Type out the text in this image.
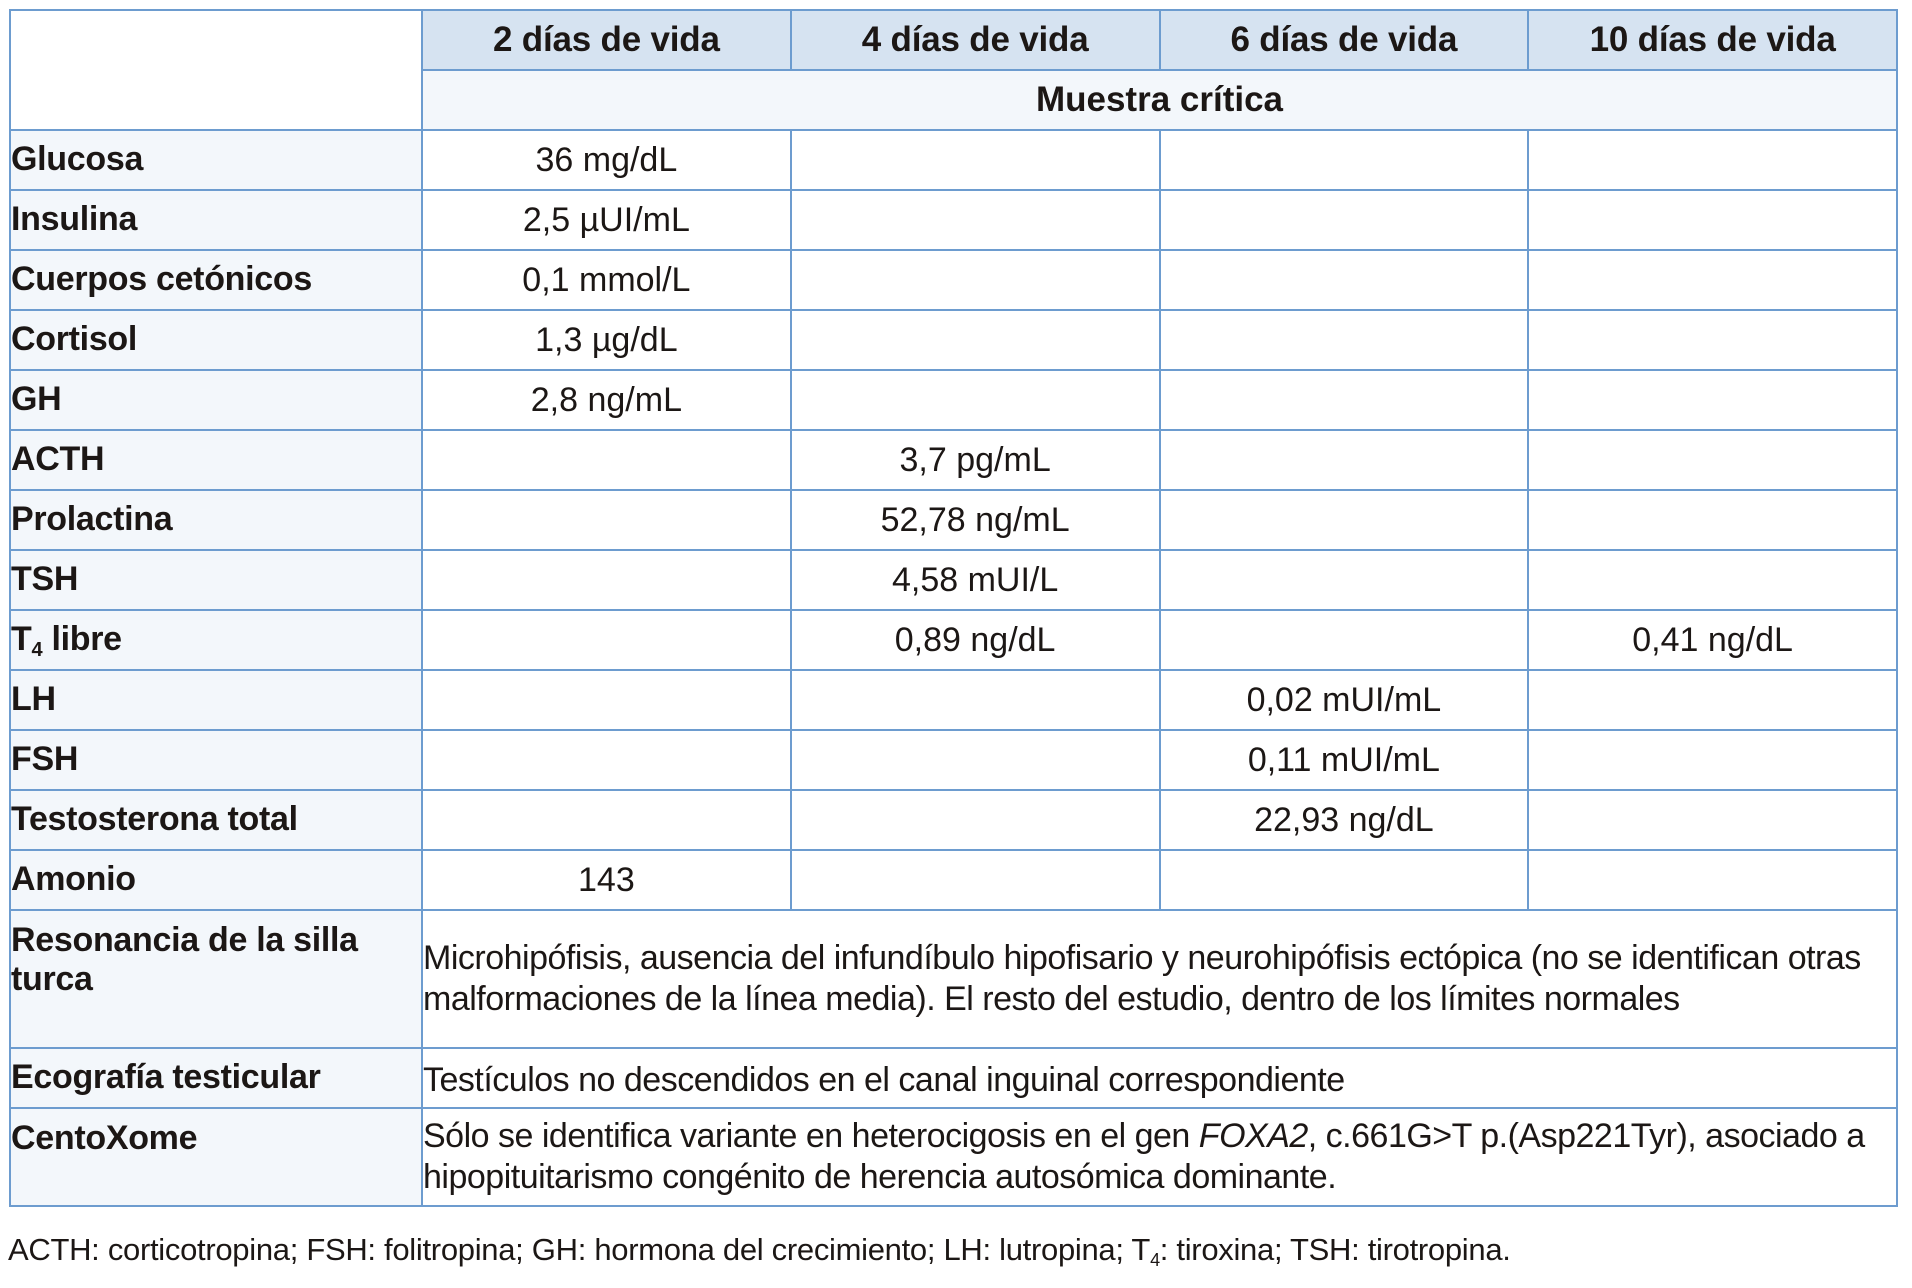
	2 días de vida	4 días de vida	6 días de vida	10 días de vida
	Muestra crítica			
Glucosa	36 mg/dL			
Insulina	2,5 µUI/mL			
Cuerpos cetónicos	0,1 mmol/L			
Cortisol	1,3 µg/dL			
GH	2,8 ng/mL			
ACTH		3,7 pg/mL		
Prolactina		52,78 ng/mL		
TSH		4,58 mUI/L		
$T_4$ libre		0,89 ng/dL		0,41 ng/dL
LH			0,02 mUI/mL	
FSH			0,11 mUI/mL	
Testosterona total			22,93 ng/dL	
Amonio	143			
Resonancia de la silla turca	Microhipófisis, ausencia del infundíbulo hipofisario y neurohipófisis ectópica (no se identifican otras malformaciones de la línea media). El resto del estudio, dentro de los límites normales			
Ecografía testicular	Testículos no descendidos en el canal inguinal correspondiente			
CentoXome	Sólo se identifica variante en heterocigosis en el gen FOXA2, c.661G>T p.(Asp221Tyr), asociado a hipopituitarismo congénito de herencia autosómica dominante.			
ACTH: corticotropina; FSH: folitropina; GH: hormona del crecimiento; LH: lutropina; $T_4$: tiroxina; TSH: tirotropina.
